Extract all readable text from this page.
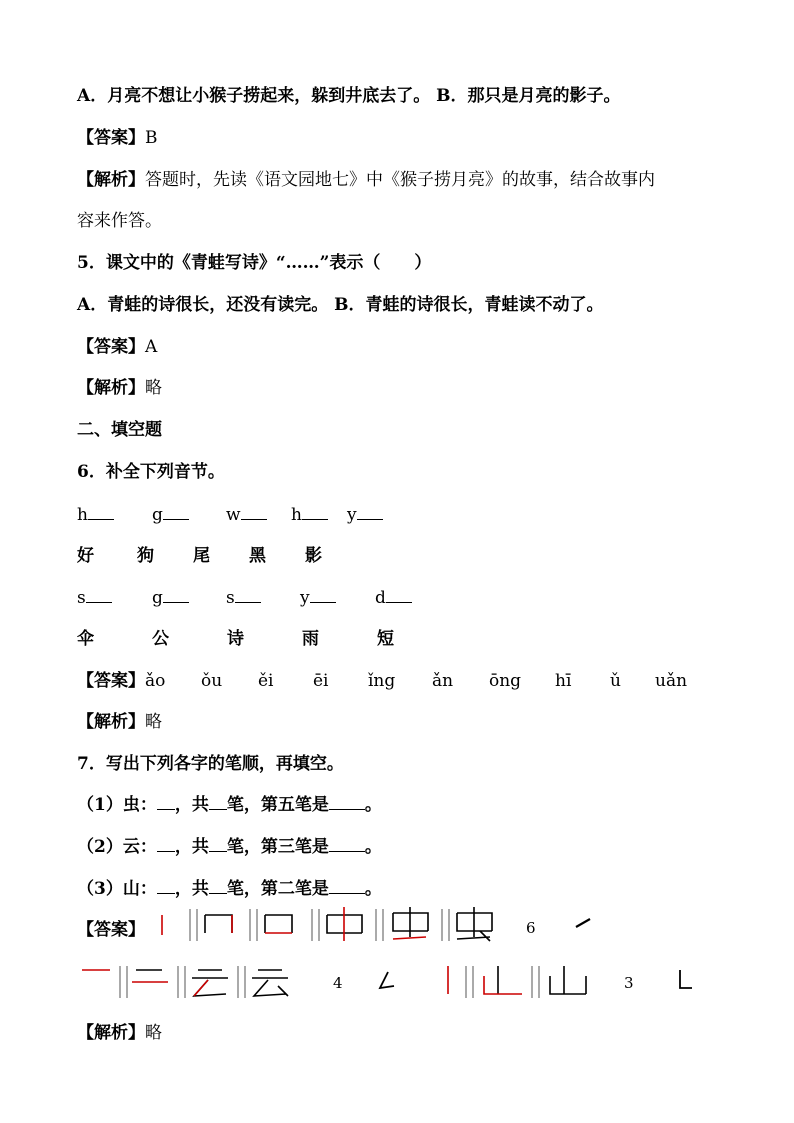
A．月亮不想让小猴子捞起来，躲到井底去了。 B．那只是月亮的影子。
【答案】B
【解析】答题时，先读《语文园地七》中《猴子捞月亮》的故事，结合故事内
容来作答。
5．课文中的《青蛙写诗》“……”表示（　　）
A．青蛙的诗很长，还没有读完。 B．青蛙的诗很长，青蛙读不动了。
【答案】A
【解析】略
二、填空题
6．补全下列音节。
h	g	w	h	y
好	狗 尾 黑 影
s	g	s	y	d
伞	公	诗	雨	短
【答案】ǎo ǒu ěi ēi ǐng ǎn ōng hī ǔ uǎn
【解析】略
7．写出下列各字的笔顺，再填空。
（1）虫： ，共 笔，第五笔是 。
（2）云： ，共 笔，第三笔是 。
（3）山： ，共 笔，第二笔是 。
【答案】	6
4	3
【解析】略
